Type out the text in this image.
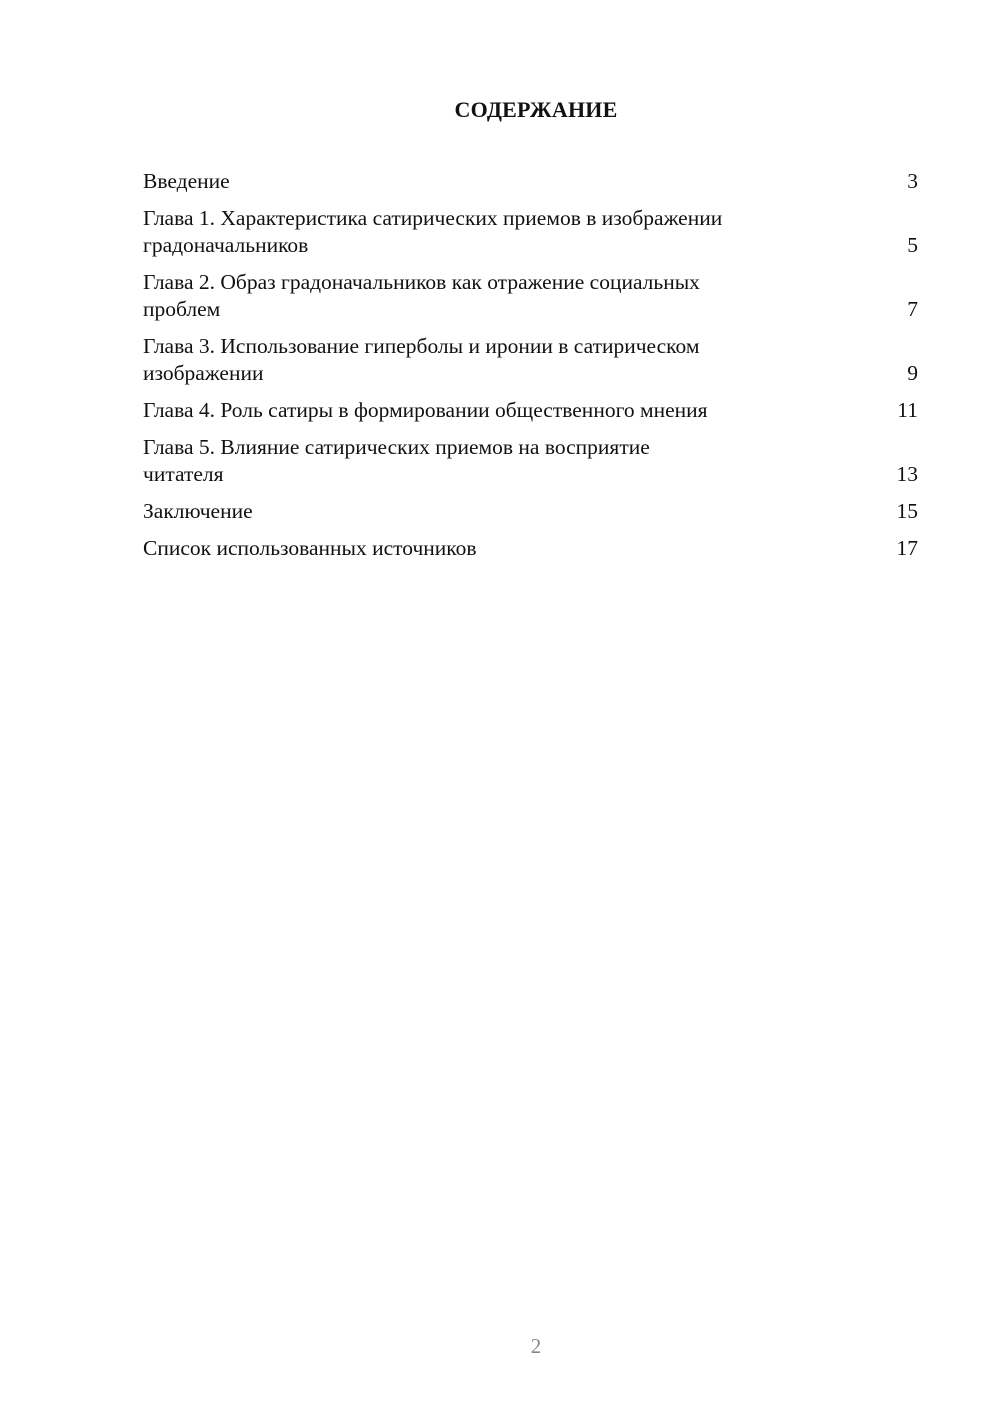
СОДЕРЖАНИЕ
Введение	3
Глава 1. Характеристика сатирических приемов в изображении
градоначальников	5
Глава 2. Образ градоначальников как отражение социальных
проблем	7
Глава 3. Использование гиперболы и иронии в сатирическом
изображении	9
Глава 4. Роль сатиры в формировании общественного мнения	11
Глава 5. Влияние сатирических приемов на восприятие
читателя	13
Заключение	15
Список использованных источников	17
2
